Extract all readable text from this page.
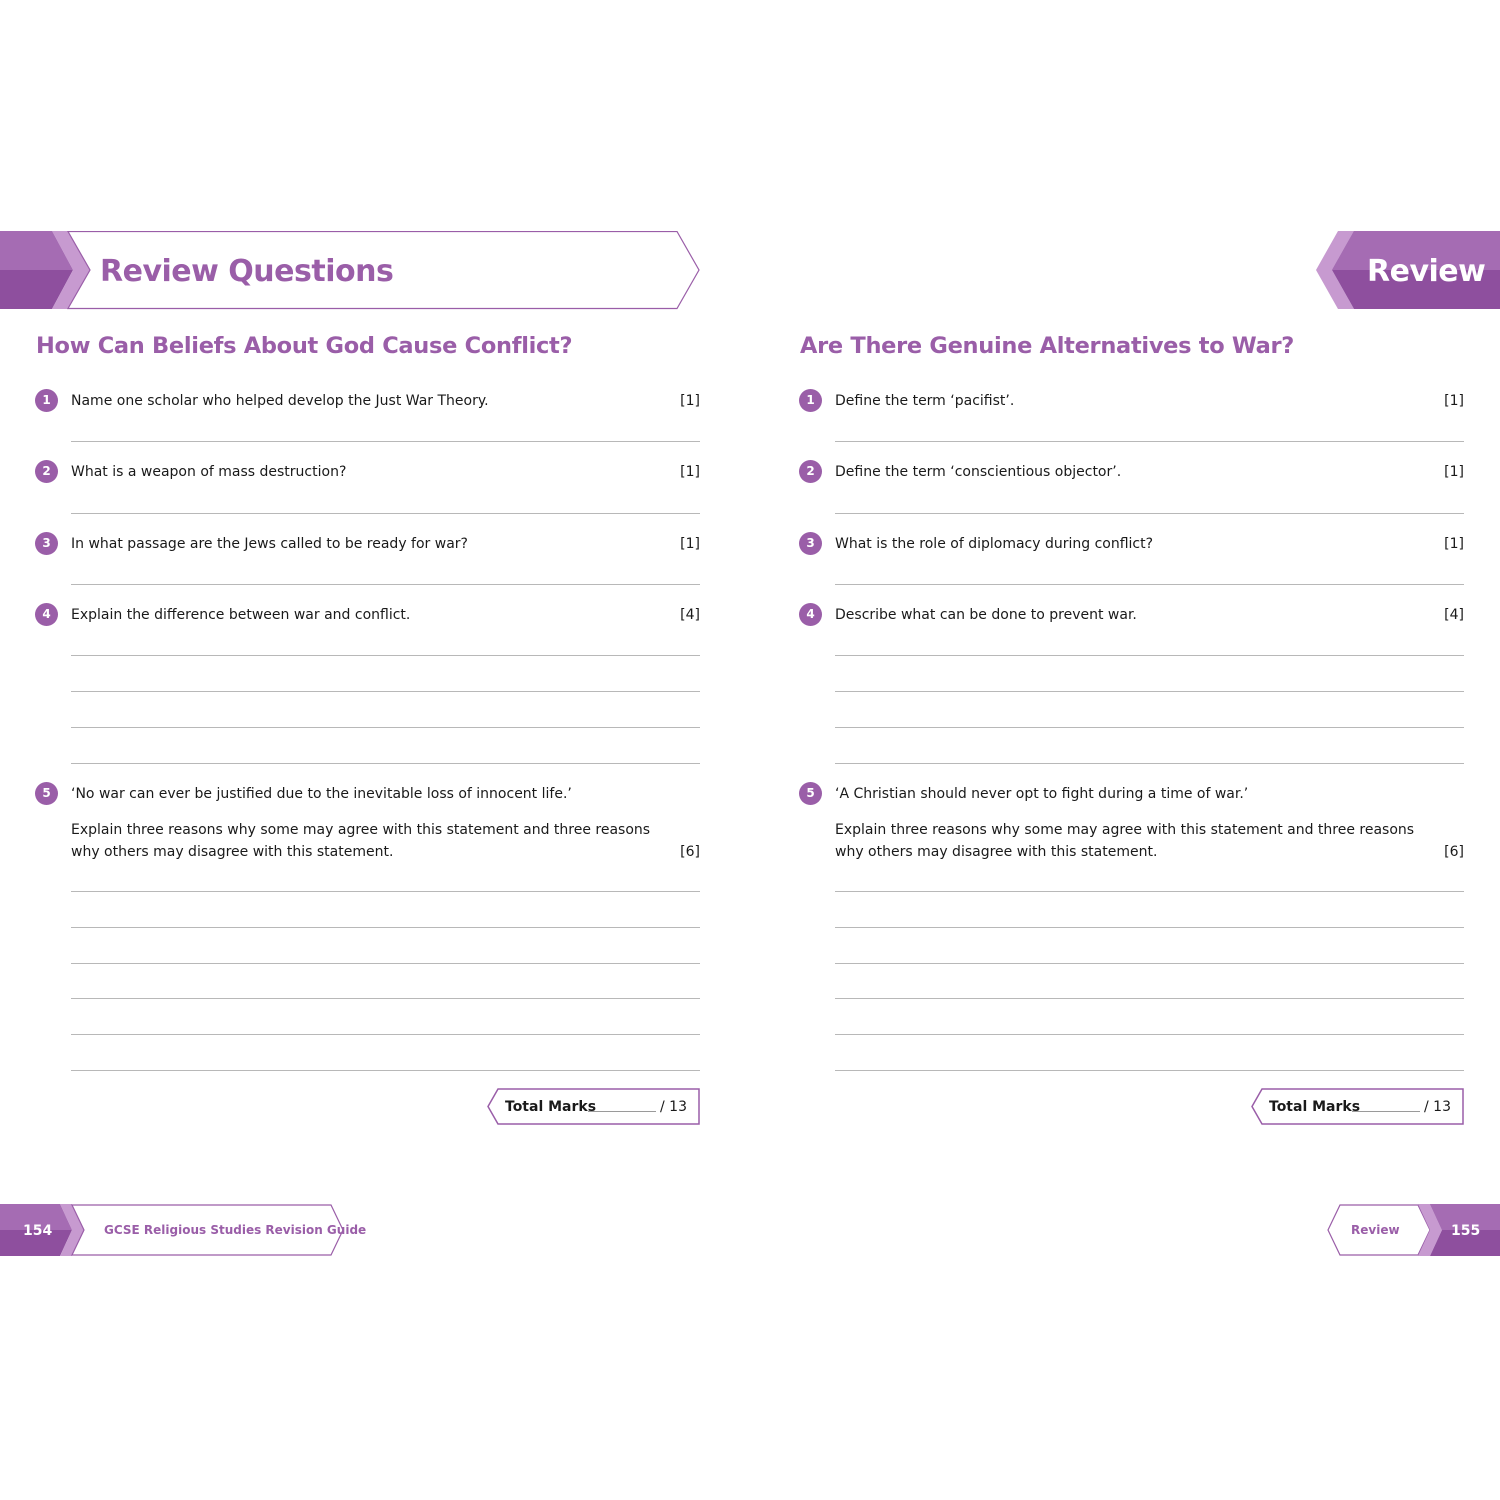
Review Questions
How Can Beliefs About God Cause Conflict?
1	Name one scholar who helped develop the Just War Theory.	[1]
2	What is a weapon of mass destruction?	[1]
3	In what passage are the Jews called to be ready for war?	[1]
4	Explain the difference between war and conflict.	[4]
5	‘No war can ever be justified due to the inevitable loss of innocent life.’
Explain three reasons why some may agree with this statement and three reasons why others may disagree with this statement.	[6]
Total Marks	/ 13
154	GCSE Religious Studies Revision Guide
Review
Are There Genuine Alternatives to War?
1	Define the term ‘pacifist’.	[1]
2	Define the term ‘conscientious objector’.	[1]
3	What is the role of diplomacy during conflict?	[1]
4	Describe what can be done to prevent war.	[4]
5	‘A Christian should never opt to fight during a time of war.’
Explain three reasons why some may agree with this statement and three reasons why others may disagree with this statement.	[6]
Total Marks	/ 13
Review	155
